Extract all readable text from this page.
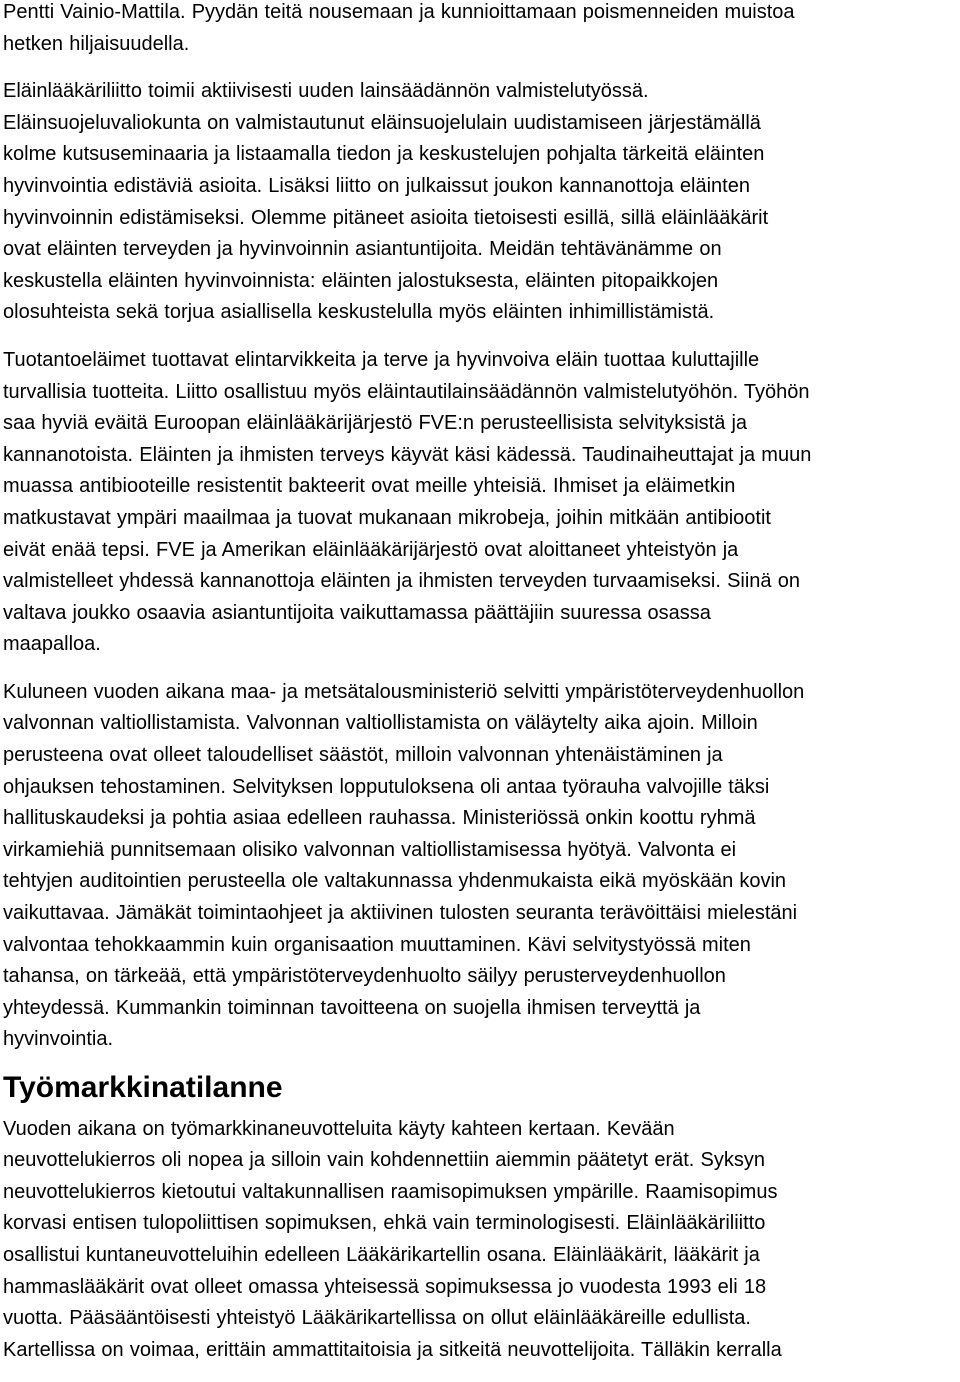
Pentti Vainio-Mattila. Pyydän teitä nousemaan ja kunnioittamaan poismenneiden muistoa
hetken hiljaisuudella.

Eläinlääkäriliitto toimii aktiivisesti uuden lainsäädännön valmistelutyössä.
Eläinsuojeluvaliokunta on valmistautunut eläinsuojelulain uudistamiseen järjestämällä
kolme kutsuseminaaria ja listaamalla tiedon ja keskustelujen pohjalta tärkeitä eläinten
hyvinvointia edistäviä asioita. Lisäksi liitto on julkaissut joukon kannanottoja eläinten
hyvinvoinnin edistämiseksi. Olemme pitäneet asioita tietoisesti esillä, sillä eläinlääkärit
ovat eläinten terveyden ja hyvinvoinnin asiantuntijoita. Meidän tehtävänämme on
keskustella eläinten hyvinvoinnista: eläinten jalostuksesta, eläinten pitopaikkojen
olosuhteista sekä torjua asiallisella keskustelulla myös eläinten inhimillistämistä.

Tuotantoeläimet tuottavat elintarvikkeita ja terve ja hyvinvoiva eläin tuottaa kuluttajille
turvallisia tuotteita. Liitto osallistuu myös eläintautilainsäädännön valmistelutyöhön. Työhön
saa hyviä eväitä Euroopan eläinlääkärijärjestö FVE:n perusteellisista selvityksistä ja
kannanotoista. Eläinten ja ihmisten terveys käyvät käsi kädessä. Taudinaiheuttajat ja muun
muassa antibiooteille resistentit bakteerit ovat meille yhteisiä. Ihmiset ja eläimetkin
matkustavat ympäri maailmaa ja tuovat mukanaan mikrobeja, joihin mitkään antibiootit
eivät enää tepsi. FVE ja Amerikan eläinlääkärijärjestö ovat aloittaneet yhteistyön ja
valmistelleet yhdessä kannanottoja eläinten ja ihmisten terveyden turvaamiseksi. Siinä on
valtava joukko osaavia asiantuntijoita vaikuttamassa päättäjiin suuressa osassa
maapalloa.

Kuluneen vuoden aikana maa- ja metsätalousministeriö selvitti ympäristöterveydenhuollon
valvonnan valtiollistamista. Valvonnan valtiollistamista on väläytelty aika ajoin. Milloin
perusteena ovat olleet taloudelliset säästöt, milloin valvonnan yhtenäistäminen ja
ohjauksen tehostaminen. Selvityksen lopputuloksena oli antaa työrauha valvojille täksi
hallituskaudeksi ja pohtia asiaa edelleen rauhassa. Ministeriössä onkin koottu ryhmä
virkamiehiä punnitsemaan olisiko valvonnan valtiollistamisessa hyötyä. Valvonta ei
tehtyjen auditointien perusteella ole valtakunnassa yhdenmukaista eikä myöskään kovin
vaikuttavaa. Jämäkät toimintaohjeet ja aktiivinen tulosten seuranta terävöittäisi mielestäni
valvontaa tehokkaammin kuin organisaation muuttaminen. Kävi selvitystyössä miten
tahansa, on tärkeää, että ympäristöterveydenhuolto säilyy perusterveydenhuollon
yhteydessä. Kummankin toiminnan tavoitteena on suojella ihmisen terveyttä ja
hyvinvointia.

Työmarkkinatilanne

Vuoden aikana on työmarkkinaneuvotteluita käyty kahteen kertaan. Kevään
neuvottelukierros oli nopea ja silloin vain kohdennettiin aiemmin päätetyt erät. Syksyn
neuvottelukierros kietoutui valtakunnallisen raamisopimuksen ympärille. Raamisopimus
korvasi entisen tulopoliittisen sopimuksen, ehkä vain terminologisesti. Eläinlääkäriliitto
osallistui kuntaneuvotteluihin edelleen Lääkärikartellin osana. Eläinlääkärit, lääkärit ja
hammaslääkärit ovat olleet omassa yhteisessä sopimuksessa jo vuodesta 1993 eli 18
vuotta. Pääsääntöisesti yhteistyö Lääkärikartellissa on ollut eläinlääkäreille edullista.
Kartellissa on voimaa, erittäin ammattitaitoisia ja sitkeitä neuvottelijoita. Tälläkin kerralla
